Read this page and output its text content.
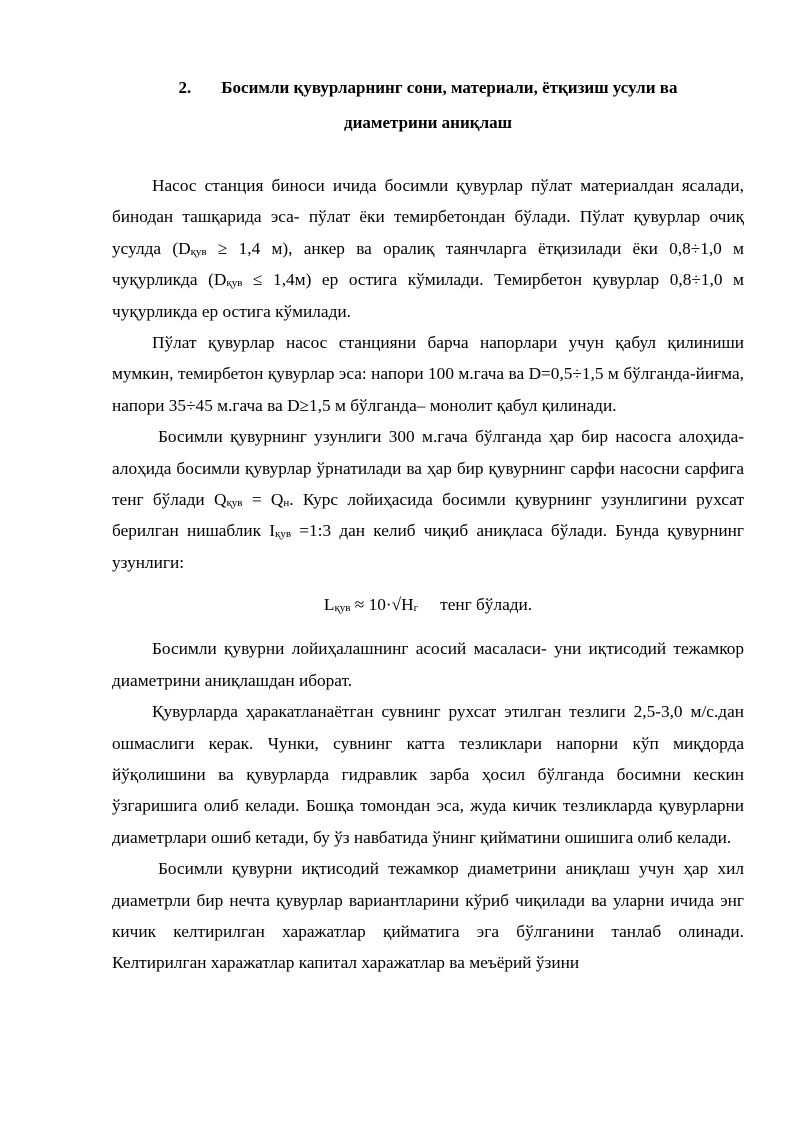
2. Босимли қувурларнинг сони, материали, ётқизиш усули ва
диаметрини аниқлаш

Насос станция биноси ичида босимли қувурлар пўлат материалдан ясалади, бинодан ташқарида эса- пўлат ёки темирбетондан бўлади. Пўлат қувурлар очиқ усулда ($D_{қув} \ge 1,4$ м), анкер ва оралиқ таянчларга ётқизилади ёки 0,8÷1,0 м чуқурликда $(D_{қув} \le 1,4м)$ ер остига кўмилади. Темирбетон қувурлар 0,8÷1,0 м чуқурликда ер остига кўмилади.

Пўлат қувурлар насос станцияни барча напорлари учун қабул қилиниши мумкин, темирбетон қувурлар эса: напори 100 м.гача ва D=0,5÷1,5 м бўлганда-йиғма, напори 35÷45 м.гача ва D≥1,5 м бўлганда– монолит қабул қилинади.

Босимли қувурнинг узунлиги 300 м.гача бўлганда ҳар бир насосга алоҳида-алоҳида босимли қувурлар ўрнатилади ва ҳар бир қувурнинг сарфи насосни сарфига тенг бўлади $Q_{қув} = Q_н$. Курс лойиҳасида босимли қувурнинг узунлигини рухсат берилган нишаблик $I_{қув}$ =1:3 дан келиб чиқиб аниқласа бўлади. Бунда қувурнинг узунлиги:

$L_{қув} \approx 10\cdot√H_г$ тенг бўлади.

Босимли қувурни лойиҳалашнинг асосий масаласи- уни иқтисодий тежамкор диаметрини аниқлашдан иборат.

Қувурларда ҳаракатланаётган сувнинг рухсат этилган тезлиги 2,5-3,0 м/с.дан ошмаслиги керак. Чунки, сувнинг катта тезликлари напорни кўп миқдорда йўқолишини ва қувурларда гидравлик зарба ҳосил бўлганда босимни кескин ўзгаришига олиб келади. Бошқа томондан эса, жуда кичик тезликларда қувурларни диаметрлари ошиб кетади, бу ўз навбатида ўнинг қийматини ошишига олиб келади.

Босимли қувурни иқтисодий тежамкор диаметрини аниқлаш учун ҳар хил диаметрли бир нечта қувурлар вариантларини кўриб чиқилади ва уларни ичида энг кичик келтирилган харажатлар қийматига эга бўлганини танлаб олинади. Келтирилган харажатлар капитал харажатлар ва меъёрий ўзини
